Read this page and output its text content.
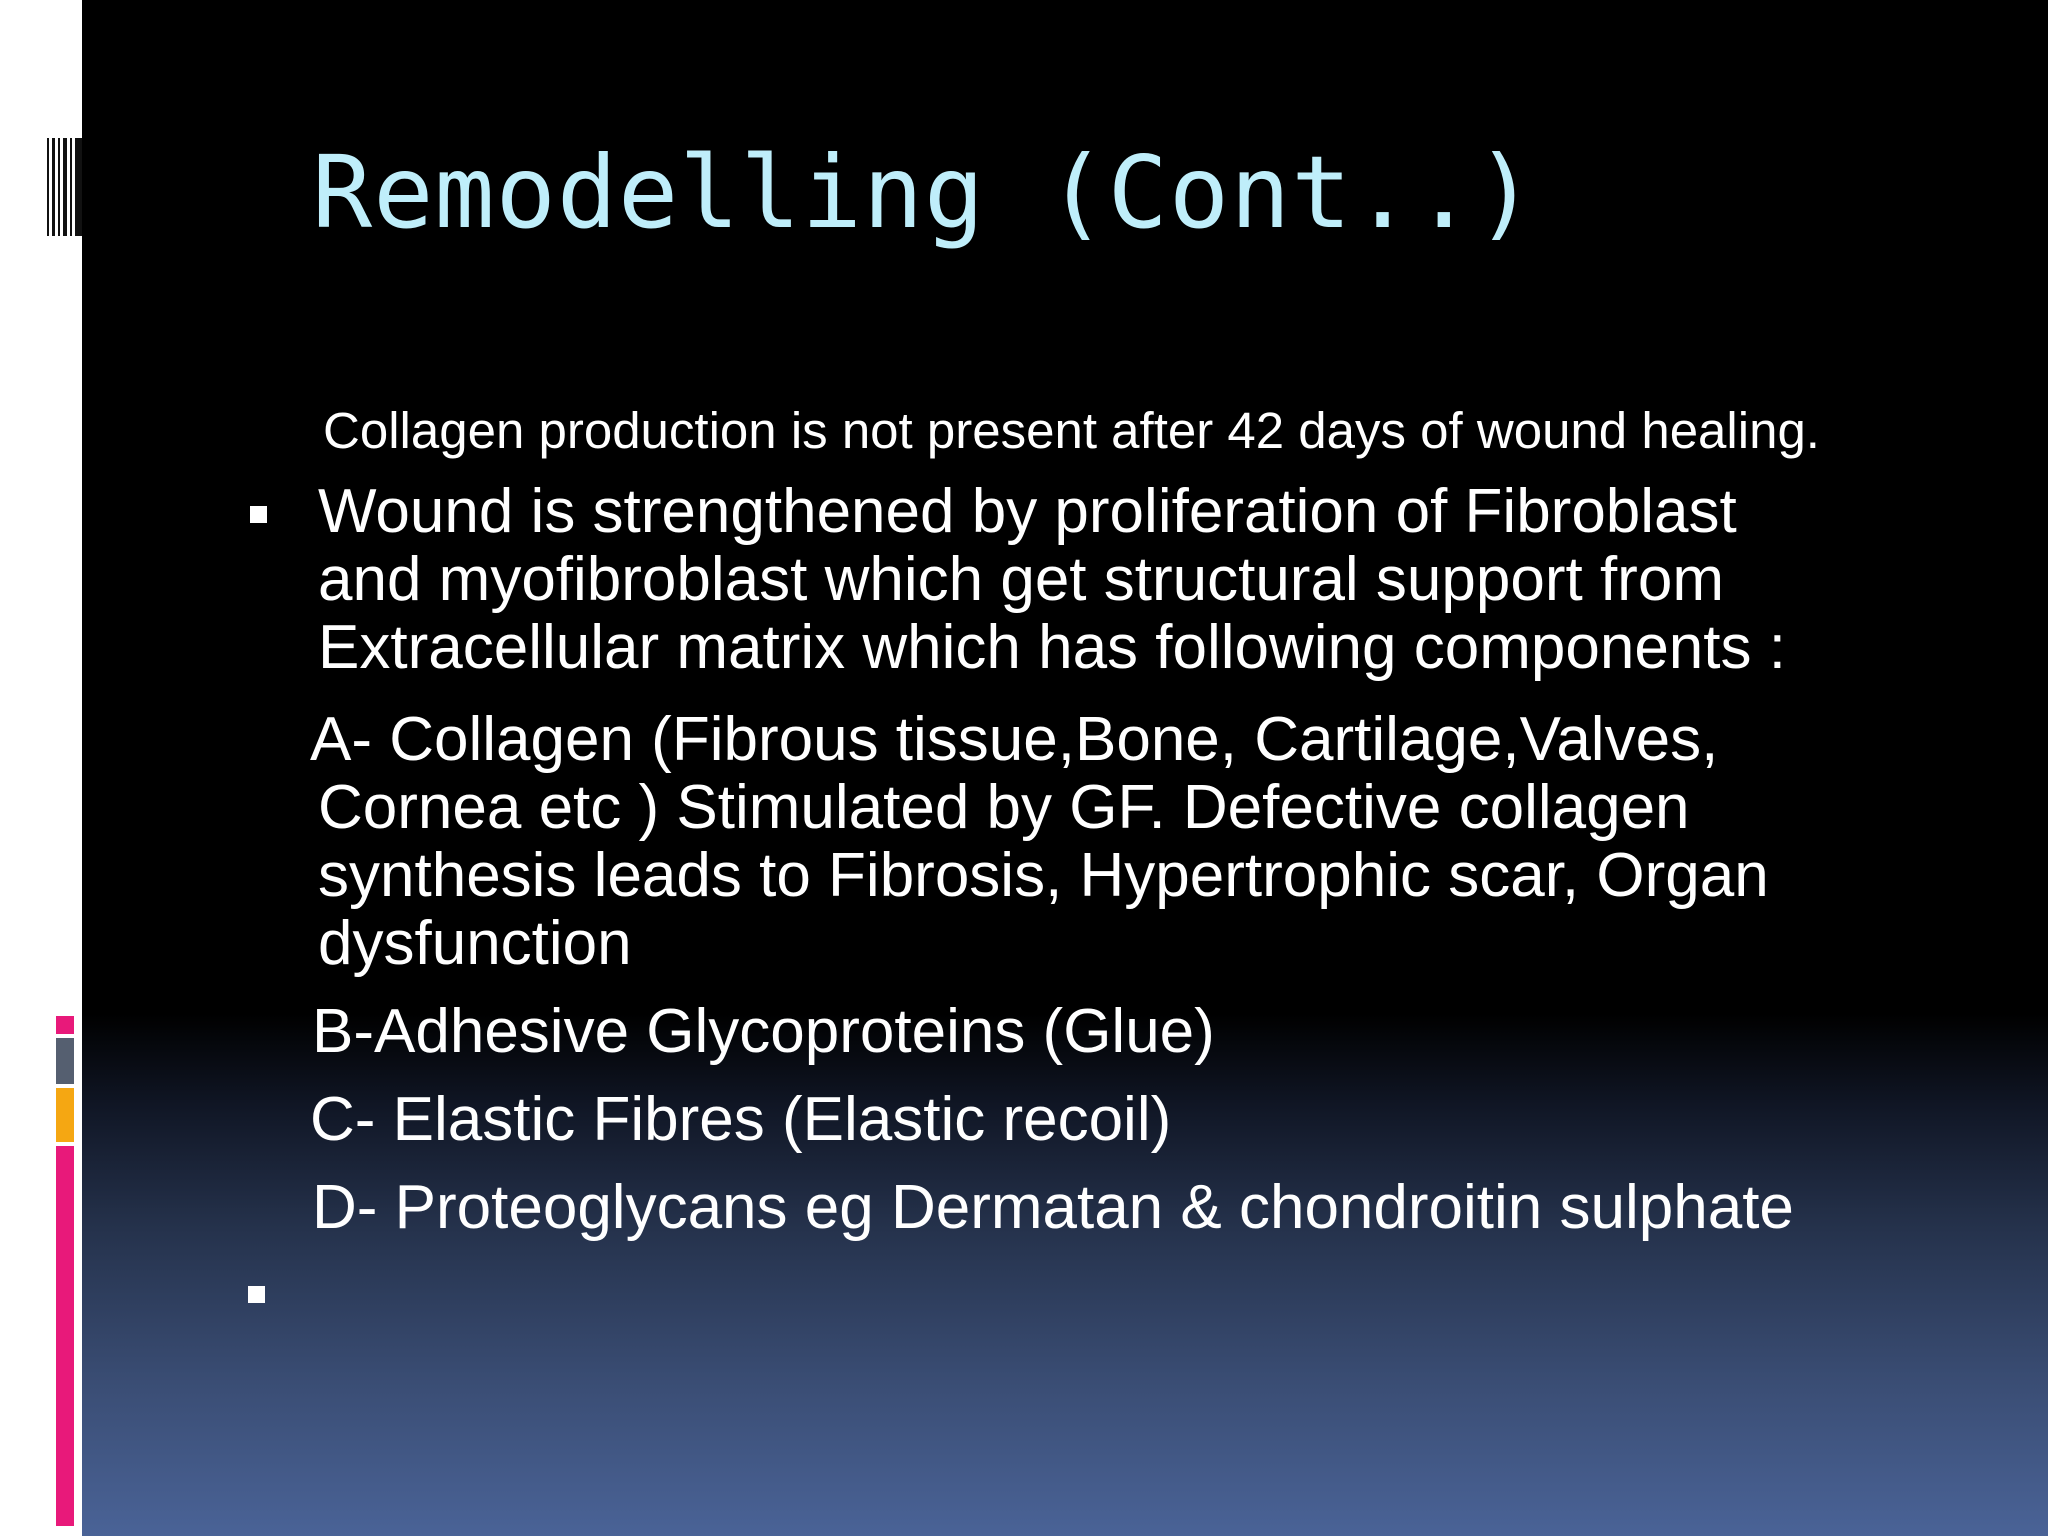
Remodelling (Cont..)

Collagen production is not present after 42 days of wound healing.

Wound is strengthened by proliferation of Fibroblast

and myofibroblast which get structural support from

Extracellular matrix which has following components :

A- Collagen (Fibrous tissue,Bone, Cartilage,Valves,

Cornea etc ) Stimulated by GF. Defective collagen

synthesis leads to Fibrosis, Hypertrophic scar, Organ

dysfunction

B-Adhesive Glycoproteins (Glue)

C- Elastic Fibres (Elastic recoil)

D- Proteoglycans eg Dermatan & chondroitin sulphate
